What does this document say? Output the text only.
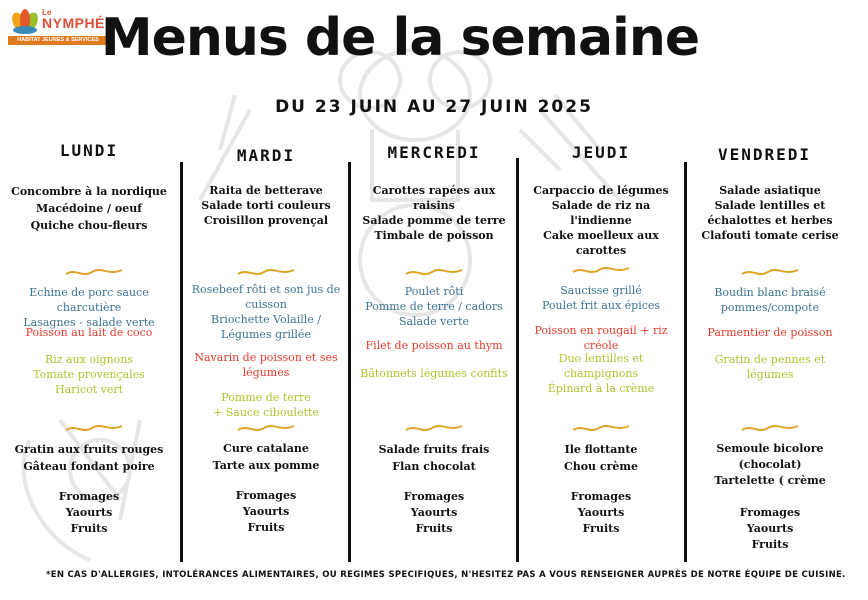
Le
NYMPHÉA
HABITAT JEUNES & SERVICES Menus de la semaine
DU 23 JUIN AU 27 JUIN 2025
LUNDI
Concombre à la nordique
Macédoine / oeuf
Quiche chou-fleurs
Echine de porc sauce charcutière
Lasagnes - salade verte
Poisson au lait de coco
Riz aux oignons
Tomate provençales
Haricot vert
Gratin aux fruits rouges
Gâteau fondant poire
Fromages
Yaourts
Fruits
MARDI
Raita de betterave
Salade torti couleurs
Croisillon provençal
Rosebeef rôti et son jus de cuisson
Briochette Volaille / Légumes grillée
Navarin de poisson et ses légumes
Pomme de terre
+ Sauce ciboulette
Cure catalane
Tarte aux pomme
Fromages
Yaourts
Fruits
MERCREDI
Carottes rapées aux raisins
Salade pomme de terre
Timbale de poisson
Poulet rôti
Pomme de terre / cadors
Salade verte
Filet de poisson au thym
Bâtonnets légumes confits
Salade fruits frais
Flan chocolat
Fromages
Yaourts
Fruits
JEUDI
Carpaccio de légumes
Salade de riz na l'indienne
Cake moelleux aux carottes
Saucisse grillé
Poulet frit aux épices
Poisson en rougail + riz créole
Duo lentilles et champignons
Épinard à la crème
Ile flottante
Chou crème
Fromages
Yaourts
Fruits
VENDREDI
Salade asiatique
Salade lentilles et
échalottes et herbes
Clafouti tomate cerise
Boudin blanc braisé
pommes/compote
Parmentier de poisson
Gratin de pennes et légumes
Semoule bicolore
(chocolat)
Tartelette ( crème
Fromages
Yaourts
Fruits
*EN CAS D'ALLERGIES, INTOLÉRANCES ALIMENTAIRES, OU REGIMES SPECIFIQUES, N'HESITEZ PAS A VOUS RENSEIGNER AUPRÈS DE NOTRE ÉQUIPE DE CUISINE.
